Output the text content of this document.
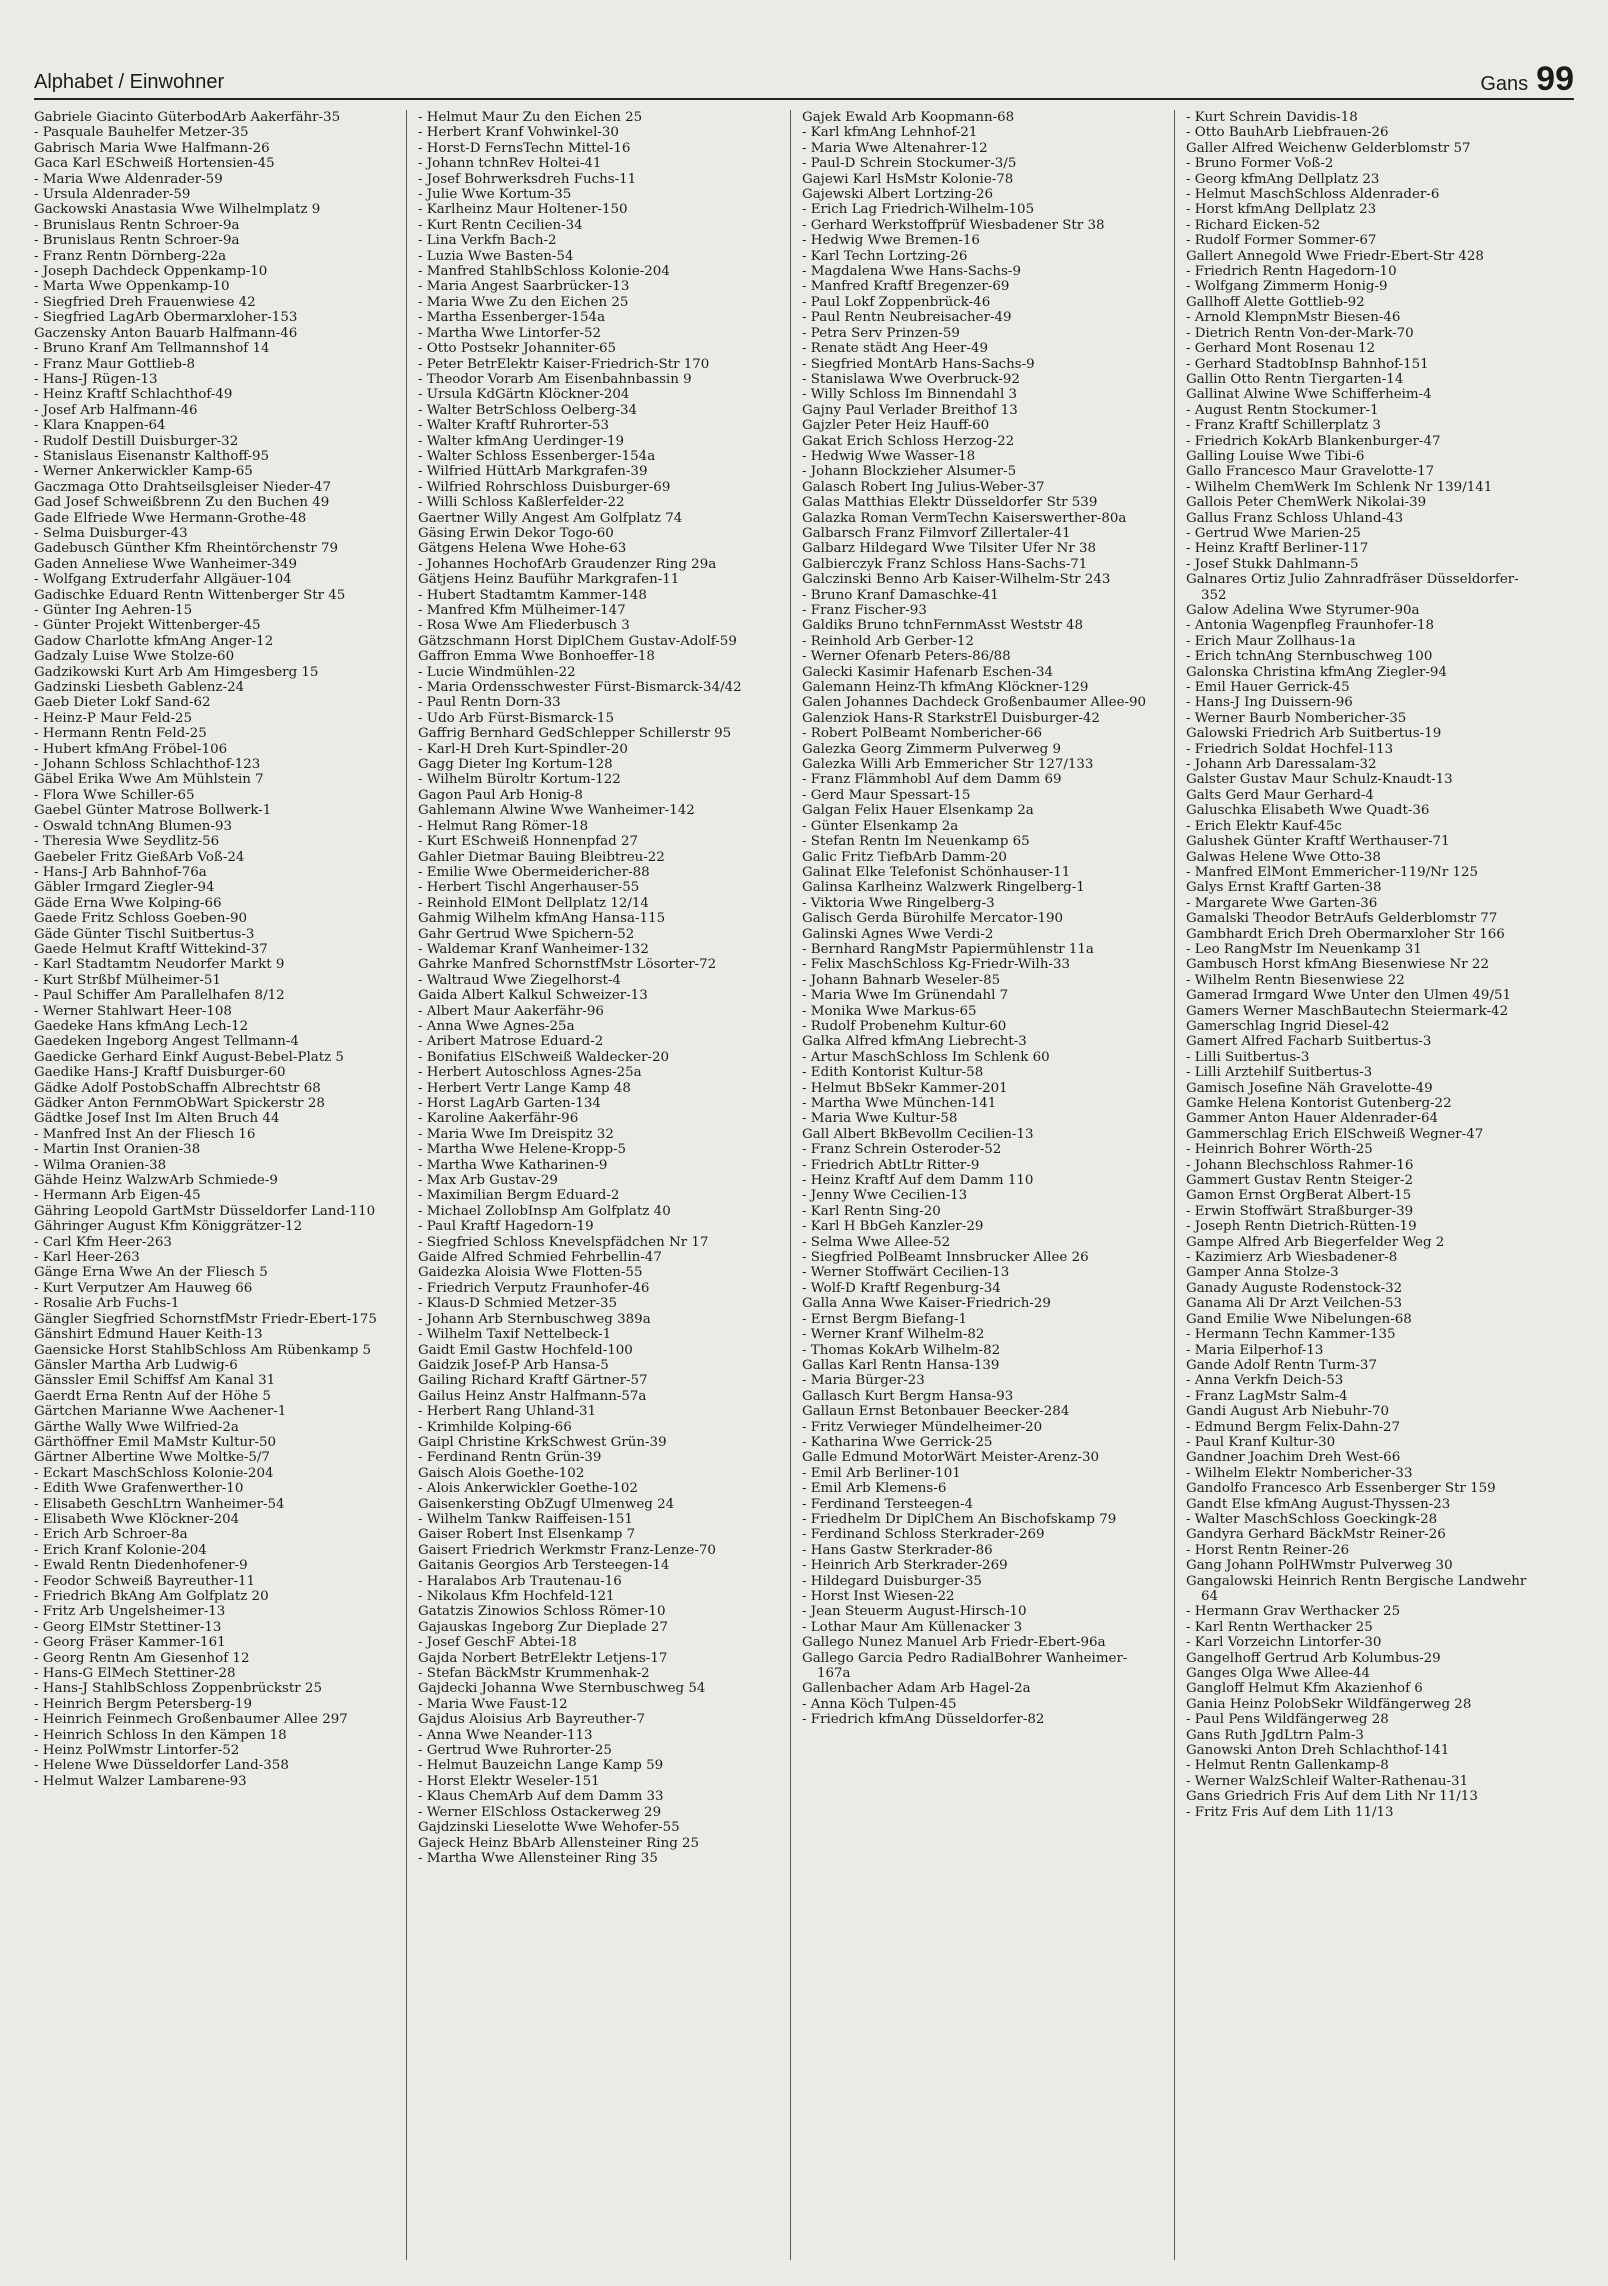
Alphabet / Einwohner	Gans 99

Gabriele Giacinto GüterbodArb Aakerfähr-35

- Pasquale Bauhelfer Metzer-35

Gabrisch Maria Wwe Halfmann-26

Gaca Karl ESchweiß Hortensien-45

- Maria Wwe Aldenrader-59

- Ursula Aldenrader-59

Gackowski Anastasia Wwe Wilhelmplatz 9

- Brunislaus Rentn Schroer-9a

- Brunislaus Rentn Schroer-9a

- Franz Rentn Dörnberg-22a

- Joseph Dachdeck Oppenkamp-10

- Marta Wwe Oppenkamp-10

- Siegfried Dreh Frauenwiese 42

- Siegfried LagArb Obermarxloher-153

Gaczensky Anton Bauarb Halfmann-46

- Bruno Kranf Am Tellmannshof 14

- Franz Maur Gottlieb-8

- Hans-J Rügen-13

- Heinz Kraftf Schlachthof-49

- Josef Arb Halfmann-46

- Klara Knappen-64

- Rudolf Destill Duisburger-32

- Stanislaus Eisenanstr Kalthoff-95

- Werner Ankerwickler Kamp-65

Gaczmaga Otto Drahtseilsgleiser Nieder-47

Gad Josef Schweißbrenn Zu den Buchen 49

Gade Elfriede Wwe Hermann-Grothe-48

- Selma Duisburger-43

Gadebusch Günther Kfm Rheintörchenstr 79

Gaden Anneliese Wwe Wanheimer-349

- Wolfgang Extruderfahr Allgäuer-104

Gadischke Eduard Rentn Wittenberger Str 45

- Günter Ing Aehren-15

- Günter Projekt Wittenberger-45

Gadow Charlotte kfmAng Anger-12

Gadzaly Luise Wwe Stolze-60

Gadzikowski Kurt Arb Am Himgesberg 15

Gadzinski Liesbeth Gablenz-24

Gaeb Dieter Lokf Sand-62

- Heinz-P Maur Feld-25

- Hermann Rentn Feld-25

- Hubert kfmAng Fröbel-106

- Johann Schloss Schlachthof-123

Gäbel Erika Wwe Am Mühlstein 7

- Flora Wwe Schiller-65

Gaebel Günter Matrose Bollwerk-1

- Oswald tchnAng Blumen-93

- Theresia Wwe Seydlitz-56

Gaebeler Fritz GießArb Voß-24

- Hans-J Arb Bahnhof-76a

Gäbler Irmgard Ziegler-94

Gäde Erna Wwe Kolping-66

Gaede Fritz Schloss Goeben-90

Gäde Günter Tischl Suitbertus-3

Gaede Helmut Kraftf Wittekind-37

- Karl Stadtamtm Neudorfer Markt 9

- Kurt Strßbf Mülheimer-51

- Paul Schiffer Am Parallelhafen 8/12

- Werner Stahlwart Heer-108

Gaedeke Hans kfmAng Lech-12

Gaedeken Ingeborg Angest Tellmann-4

Gaedicke Gerhard Einkf August-Bebel-Platz 5

Gaedike Hans-J Kraftf Duisburger-60

Gädke Adolf PostobSchaffn Albrechtstr 68

Gädker Anton FernmObWart Spickerstr 28

Gädtke Josef Inst Im Alten Bruch 44

- Manfred Inst An der Fliesch 16

- Martin Inst Oranien-38

- Wilma Oranien-38

Gähde Heinz WalzwArb Schmiede-9

- Hermann Arb Eigen-45

Gähring Leopold GartMstr Düsseldorfer Land-110

Gähringer August Kfm Königgrätzer-12

- Carl Kfm Heer-263

- Karl Heer-263

Gänge Erna Wwe An der Fliesch 5

- Kurt Verputzer Am Hauweg 66

- Rosalie Arb Fuchs-1

Gängler Siegfried SchornstfMstr Friedr-Ebert-175

Gänshirt Edmund Hauer Keith-13

Gaensicke Horst StahlbSchloss Am Rübenkamp 5

Gänsler Martha Arb Ludwig-6

Gänssler Emil Schiffsf Am Kanal 31

Gaerdt Erna Rentn Auf der Höhe 5

Gärtchen Marianne Wwe Aachener-1

Gärthe Wally Wwe Wilfried-2a

Gärthöffner Emil MaMstr Kultur-50

Gärtner Albertine Wwe Moltke-5/7

- Eckart MaschSchloss Kolonie-204

- Edith Wwe Grafenwerther-10

- Elisabeth GeschLtrn Wanheimer-54

- Elisabeth Wwe Klöckner-204

- Erich Arb Schroer-8a

- Erich Kranf Kolonie-204

- Ewald Rentn Diedenhofener-9

- Feodor Schweiß Bayreuther-11

- Friedrich BkAng Am Golfplatz 20

- Fritz Arb Ungelsheimer-13

- Georg ElMstr Stettiner-13

- Georg Fräser Kammer-161

- Georg Rentn Am Giesenhof 12

- Hans-G ElMech Stettiner-28

- Hans-J StahlbSchloss Zoppenbrückstr 25

- Heinrich Bergm Petersberg-19

- Heinrich Feinmech Großenbaumer Allee 297

- Heinrich Schloss In den Kämpen 18

- Heinz PolWmstr Lintorfer-52

- Helene Wwe Düsseldorfer Land-358

- Helmut Walzer Lambarene-93

- Helmut Maur Zu den Eichen 25

- Herbert Kranf Vohwinkel-30

- Horst-D FernsTechn Mittel-16

- Johann tchnRev Holtei-41

- Josef Bohrwerksdreh Fuchs-11

- Julie Wwe Kortum-35

- Karlheinz Maur Holtener-150

- Kurt Rentn Cecilien-34

- Lina Verkfn Bach-2

- Luzia Wwe Basten-54

- Manfred StahlbSchloss Kolonie-204

- Maria Angest Saarbrücker-13

- Maria Wwe Zu den Eichen 25

- Martha Essenberger-154a

- Martha Wwe Lintorfer-52

- Otto Postsekr Johanniter-65

- Peter BetrElektr Kaiser-Friedrich-Str 170

- Theodor Vorarb Am Eisenbahnbassin 9

- Ursula KdGärtn Klöckner-204

- Walter BetrSchloss Oelberg-34

- Walter Kraftf Ruhrorter-53

- Walter kfmAng Uerdinger-19

- Walter Schloss Essenberger-154a

- Wilfried HüttArb Markgrafen-39

- Wilfried Rohrschloss Duisburger-69

- Willi Schloss Kaßlerfelder-22

Gaertner Willy Angest Am Golfplatz 74

Gäsing Erwin Dekor Togo-60

Gätgens Helena Wwe Hohe-63

- Johannes HochofArb Graudenzer Ring 29a

Gätjens Heinz Bauführ Markgrafen-11

- Hubert Stadtamtm Kammer-148

- Manfred Kfm Mülheimer-147

- Rosa Wwe Am Fliederbusch 3

Gätzschmann Horst DiplChem Gustav-Adolf-59

Gaffron Emma Wwe Bonhoeffer-18

- Lucie Windmühlen-22

- Maria Ordensschwester Fürst-Bismarck-34/42

- Paul Rentn Dorn-33

- Udo Arb Fürst-Bismarck-15

Gaffrig Bernhard GedSchlepper Schillerstr 95

- Karl-H Dreh Kurt-Spindler-20

Gagg Dieter Ing Kortum-128

- Wilhelm Büroltr Kortum-122

Gagon Paul Arb Honig-8

Gahlemann Alwine Wwe Wanheimer-142

- Helmut Rang Römer-18

- Kurt ESchweiß Honnenpfad 27

Gahler Dietmar Bauing Bleibtreu-22

- Emilie Wwe Obermeidericher-88

- Herbert Tischl Angerhauser-55

- Reinhold ElMont Dellplatz 12/14

Gahmig Wilhelm kfmAng Hansa-115

Gahr Gertrud Wwe Spichern-52

- Waldemar Kranf Wanheimer-132

Gahrke Manfred SchornstfMstr Lösorter-72

- Waltraud Wwe Ziegelhorst-4

Gaida Albert Kalkul Schweizer-13

- Albert Maur Aakerfähr-96

- Anna Wwe Agnes-25a

- Aribert Matrose Eduard-2

- Bonifatius ElSchweiß Waldecker-20

- Herbert Autoschloss Agnes-25a

- Herbert Vertr Lange Kamp 48

- Horst LagArb Garten-134

- Karoline Aakerfähr-96

- Maria Wwe Im Dreispitz 32

- Martha Wwe Helene-Kropp-5

- Martha Wwe Katharinen-9

- Max Arb Gustav-29

- Maximilian Bergm Eduard-2

- Michael ZollobInsp Am Golfplatz 40

- Paul Kraftf Hagedorn-19

- Siegfried Schloss Knevelspfädchen Nr 17

Gaide Alfred Schmied Fehrbellin-47

Gaidezka Aloisia Wwe Flotten-55

- Friedrich Verputz Fraunhofer-46

- Klaus-D Schmied Metzer-35

- Johann Arb Sternbuschweg 389a

- Wilhelm Taxif Nettelbeck-1

Gaidt Emil Gastw Hochfeld-100

Gaidzik Josef-P Arb Hansa-5

Gailing Richard Kraftf Gärtner-57

Gailus Heinz Anstr Halfmann-57a

- Herbert Rang Uhland-31

- Krimhilde Kolping-66

Gaipl Christine KrkSchwest Grün-39

- Ferdinand Rentn Grün-39

Gaisch Alois Goethe-102

- Alois Ankerwickler Goethe-102

Gaisenkersting ObZugf Ulmenweg 24

- Wilhelm Tankw Raiffeisen-151

Gaiser Robert Inst Elsenkamp 7

Gaisert Friedrich Werkmstr Franz-Lenze-70

Gaitanis Georgios Arb Tersteegen-14

- Haralabos Arb Trautenau-16

- Nikolaus Kfm Hochfeld-121

Gatatzis Zinowios Schloss Römer-10

Gajauskas Ingeborg Zur Dieplade 27

- Josef GeschF Abtei-18

Gajda Norbert BetrElektr Letjens-17

- Stefan BäckMstr Krummenhak-2

Gajdecki Johanna Wwe Sternbuschweg 54

- Maria Wwe Faust-12

Gajdus Aloisius Arb Bayreuther-7

- Anna Wwe Neander-113

- Gertrud Wwe Ruhrorter-25

- Helmut Bauzeichn Lange Kamp 59

- Horst Elektr Weseler-151

- Klaus ChemArb Auf dem Damm 33

- Werner ElSchloss Ostackerweg 29

Gajdzinski Lieselotte Wwe Wehofer-55

Gajeck Heinz BbArb Allensteiner Ring 25

- Martha Wwe Allensteiner Ring 35

Gajek Ewald Arb Koopmann-68

- Karl kfmAng Lehnhof-21

- Maria Wwe Altenahrer-12

- Paul-D Schrein Stockumer-3/5

Gajewi Karl HsMstr Kolonie-78

Gajewski Albert Lortzing-26

- Erich Lag Friedrich-Wilhelm-105

- Gerhard Werkstoffprüf Wiesbadener Str 38

- Hedwig Wwe Bremen-16

- Karl Techn Lortzing-26

- Magdalena Wwe Hans-Sachs-9

- Manfred Kraftf Bregenzer-69

- Paul Lokf Zoppenbrück-46

- Paul Rentn Neubreisacher-49

- Petra Serv Prinzen-59

- Renate städt Ang Heer-49

- Siegfried MontArb Hans-Sachs-9

- Stanislawa Wwe Overbruck-92

- Willy Schloss Im Binnendahl 3

Gajny Paul Verlader Breithof 13

Gajzler Peter Heiz Hauff-60

Gakat Erich Schloss Herzog-22

- Hedwig Wwe Wasser-18

- Johann Blockzieher Alsumer-5

Galasch Robert Ing Julius-Weber-37

Galas Matthias Elektr Düsseldorfer Str 539

Galazka Roman VermTechn Kaiserswerther-80a

Galbarsch Franz Filmvorf Zillertaler-41

Galbarz Hildegard Wwe Tilsiter Ufer Nr 38

Galbierczyk Franz Schloss Hans-Sachs-71

Galczinski Benno Arb Kaiser-Wilhelm-Str 243

- Bruno Kranf Damaschke-41

- Franz Fischer-93

Galdiks Bruno tchnFernmAsst Weststr 48

- Reinhold Arb Gerber-12

- Werner Ofenarb Peters-86/88

Galecki Kasimir Hafenarb Eschen-34

Galemann Heinz-Th kfmAng Klöckner-129

Galen Johannes Dachdeck Großenbaumer Allee-90

Galenziok Hans-R StarkstrEl Duisburger-42

- Robert PolBeamt Nombericher-66

Galezka Georg Zimmerm Pulverweg 9

Galezka Willi Arb Emmericher Str 127/133

- Franz Flämmhobl Auf dem Damm 69

- Gerd Maur Spessart-15

Galgan Felix Hauer Elsenkamp 2a

- Günter Elsenkamp 2a

- Stefan Rentn Im Neuenkamp 65

Galic Fritz TiefbArb Damm-20

Galinat Elke Telefonist Schönhauser-11

Galinsa Karlheinz Walzwerk Ringelberg-1

- Viktoria Wwe Ringelberg-3

Galisch Gerda Bürohilfe Mercator-190

Galinski Agnes Wwe Verdi-2

- Bernhard RangMstr Papiermühlenstr 11a

- Felix MaschSchloss Kg-Friedr-Wilh-33

- Johann Bahnarb Weseler-85

- Maria Wwe Im Grünendahl 7

- Monika Wwe Markus-65

- Rudolf Probenehm Kultur-60

Galka Alfred kfmAng Liebrecht-3

- Artur MaschSchloss Im Schlenk 60

- Edith Kontorist Kultur-58

- Helmut BbSekr Kammer-201

- Martha Wwe München-141

- Maria Wwe Kultur-58

Gall Albert BkBevollm Cecilien-13

- Franz Schrein Osteroder-52

- Friedrich AbtLtr Ritter-9

- Heinz Kraftf Auf dem Damm 110

- Jenny Wwe Cecilien-13

- Karl Rentn Sing-20

- Karl H BbGeh Kanzler-29

- Selma Wwe Allee-52

- Siegfried PolBeamt Innsbrucker Allee 26

- Werner Stoffwärt Cecilien-13

- Wolf-D Kraftf Regenburg-34

Galla Anna Wwe Kaiser-Friedrich-29

- Ernst Bergm Biefang-1

- Werner Kranf Wilhelm-82

- Thomas KokArb Wilhelm-82

Gallas Karl Rentn Hansa-139

- Maria Bürger-23

Gallasch Kurt Bergm Hansa-93

Gallaun Ernst Betonbauer Beecker-284

- Fritz Verwieger Mündelheimer-20

- Katharina Wwe Gerrick-25

Galle Edmund MotorWärt Meister-Arenz-30

- Emil Arb Berliner-101

- Emil Arb Klemens-6

- Ferdinand Tersteegen-4

- Friedhelm Dr DiplChem An Bischofskamp 79

- Ferdinand Schloss Sterkrader-269

- Hans Gastw Sterkrader-86

- Heinrich Arb Sterkrader-269

- Hildegard Duisburger-35

- Horst Inst Wiesen-22

- Jean Steuerm August-Hirsch-10

- Lothar Maur Am Küllenacker 3

Gallego Nunez Manuel Arb Friedr-Ebert-96a

Gallego Garcia Pedro RadialBohrer Wanheimer-167a

Gallenbacher Adam Arb Hagel-2a

- Anna Köch Tulpen-45

- Friedrich kfmAng Düsseldorfer-82

- Kurt Schrein Davidis-18

- Otto BauhArb Liebfrauen-26

Galler Alfred Weichenw Gelderblomstr 57

- Bruno Former Voß-2

- Georg kfmAng Dellplatz 23

- Helmut MaschSchloss Aldenrader-6

- Horst kfmAng Dellplatz 23

- Richard Eicken-52

- Rudolf Former Sommer-67

Gallert Annegold Wwe Friedr-Ebert-Str 428

- Friedrich Rentn Hagedorn-10

- Wolfgang Zimmerm Honig-9

Gallhoff Alette Gottlieb-92

- Arnold KlempnMstr Biesen-46

- Dietrich Rentn Von-der-Mark-70

- Gerhard Mont Rosenau 12

- Gerhard StadtobInsp Bahnhof-151

Gallin Otto Rentn Tiergarten-14

Gallinat Alwine Wwe Schifferheim-4

- August Rentn Stockumer-1

- Franz Kraftf Schillerplatz 3

- Friedrich KokArb Blankenburger-47

Galling Louise Wwe Tibi-6

Gallo Francesco Maur Gravelotte-17

- Wilhelm ChemWerk Im Schlenk Nr 139/141

Gallois Peter ChemWerk Nikolai-39

Gallus Franz Schloss Uhland-43

- Gertrud Wwe Marien-25

- Heinz Kraftf Berliner-117

- Josef Stukk Dahlmann-5

Galnares Ortiz Julio Zahnradfräser Düsseldorfer-352

Galow Adelina Wwe Styrumer-90a

- Antonia Wagenpfleg Fraunhofer-18

- Erich Maur Zollhaus-1a

- Erich tchnAng Sternbuschweg 100

Galonska Christina kfmAng Ziegler-94

- Emil Hauer Gerrick-45

- Hans-J Ing Duissern-96

- Werner Baurb Nombericher-35

Galowski Friedrich Arb Suitbertus-19

- Friedrich Soldat Hochfel-113

- Johann Arb Daressalam-32

Galster Gustav Maur Schulz-Knaudt-13

Galts Gerd Maur Gerhard-4

Galuschka Elisabeth Wwe Quadt-36

- Erich Elektr Kauf-45c

Galushek Günter Kraftf Werthauser-71

Galwas Helene Wwe Otto-38

- Manfred ElMont Emmericher-119/Nr 125

Galys Ernst Kraftf Garten-38

- Margarete Wwe Garten-36

Gamalski Theodor BetrAufs Gelderblomstr 77

Gambhardt Erich Dreh Obermarxloher Str 166

- Leo RangMstr Im Neuenkamp 31

Gambusch Horst kfmAng Biesenwiese Nr 22

- Wilhelm Rentn Biesenwiese 22

Gamerad Irmgard Wwe Unter den Ulmen 49/51

Gamers Werner MaschBautechn Steiermark-42

Gamerschlag Ingrid Diesel-42

Gamert Alfred Facharb Suitbertus-3

- Lilli Suitbertus-3

- Lilli Arztehilf Suitbertus-3

Gamisch Josefine Näh Gravelotte-49

Gamke Helena Kontorist Gutenberg-22

Gammer Anton Hauer Aldenrader-64

Gammerschlag Erich ElSchweiß Wegner-47

- Heinrich Bohrer Wörth-25

- Johann Blechschloss Rahmer-16

Gammert Gustav Rentn Steiger-2

Gamon Ernst OrgBerat Albert-15

- Erwin Stoffwärt Straßburger-39

- Joseph Rentn Dietrich-Rütten-19

Gampe Alfred Arb Biegerfelder Weg 2

- Kazimierz Arb Wiesbadener-8

Gamper Anna Stolze-3

Ganady Auguste Rodenstock-32

Ganama Ali Dr Arzt Veilchen-53

Gand Emilie Wwe Nibelungen-68

- Hermann Techn Kammer-135

- Maria Eilperhof-13

Gande Adolf Rentn Turm-37

- Anna Verkfn Deich-53

- Franz LagMstr Salm-4

Gandi August Arb Niebuhr-70

- Edmund Bergm Felix-Dahn-27

- Paul Kranf Kultur-30

Gandner Joachim Dreh West-66

- Wilhelm Elektr Nombericher-33

Gandolfo Francesco Arb Essenberger Str 159

Gandt Else kfmAng August-Thyssen-23

- Walter MaschSchloss Goeckingk-28

Gandyra Gerhard BäckMstr Reiner-26

- Horst Rentn Reiner-26

Gang Johann PolHWmstr Pulverweg 30

Gangalowski Heinrich Rentn Bergische Landwehr 64

- Hermann Grav Werthacker 25

- Karl Rentn Werthacker 25

- Karl Vorzeichn Lintorfer-30

Gangelhoff Gertrud Arb Kolumbus-29

Ganges Olga Wwe Allee-44

Gangloff Helmut Kfm Akazienhof 6

Gania Heinz PolobSekr Wildfängerweg 28

- Paul Pens Wildfängerweg 28

Gans Ruth JgdLtrn Palm-3

Ganowski Anton Dreh Schlachthof-141

- Helmut Rentn Gallenkamp-8

- Werner WalzSchleif Walter-Rathenau-31

Gans Griedrich Fris Auf dem Lith Nr 11/13

- Fritz Fris Auf dem Lith 11/13
